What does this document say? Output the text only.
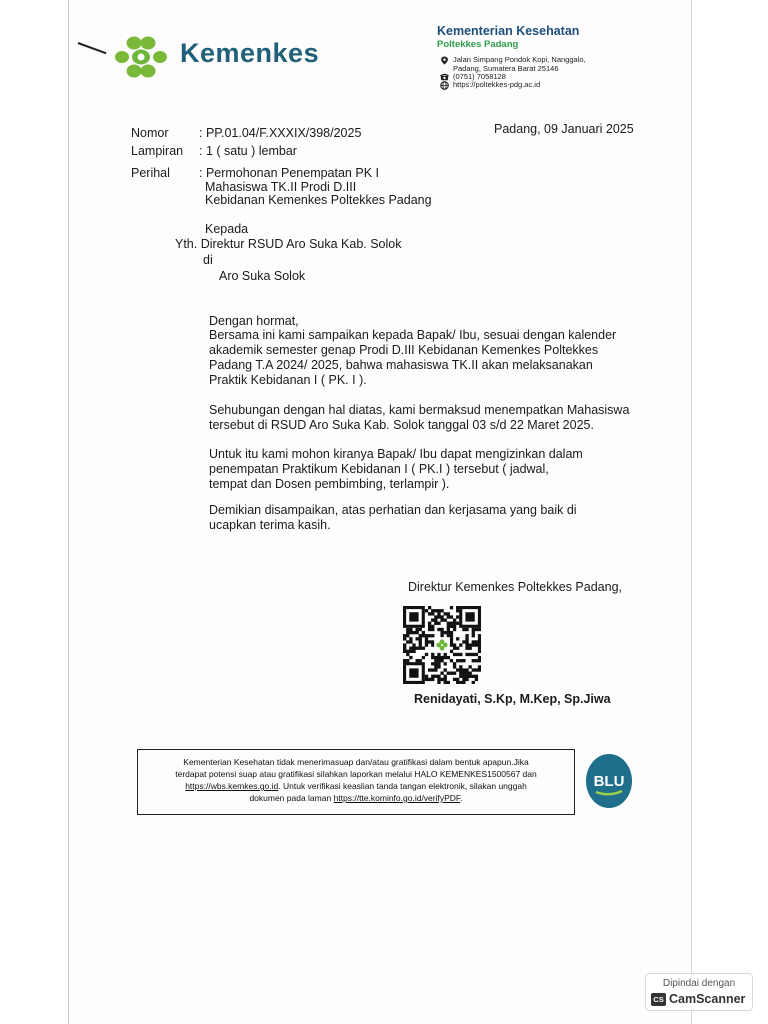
Kemenkes
Kementerian Kesehatan
Poltekkes Padang
Jalan Simpang Pondok Kopi, Nanggalo,
Padang, Sumatera Barat 25146
(0751) 7058128
https://poltekkes-pdg.ac.id
Nomor : PP.01.04/F.XXXIX/398/2025	Padang, 09 Januari 2025
Lampiran : 1 ( satu ) lembar
Perihal : Permohonan Penempatan PK I
Mahasiswa TK.II Prodi D.III
Kebidanan Kemenkes Poltekkes Padang
Kepada
Yth. Direktur RSUD Aro Suka Kab. Solok
di
Aro Suka Solok
Dengan hormat,
Bersama ini kami sampaikan kepada Bapak/ Ibu, sesuai dengan kalender
akademik semester genap Prodi D.III Kebidanan Kemenkes Poltekkes
Padang T.A 2024/ 2025, bahwa mahasiswa TK.II akan melaksanakan
Praktik Kebidanan I ( PK. I ).
Sehubungan dengan hal diatas, kami bermaksud menempatkan Mahasiswa
tersebut di RSUD Aro Suka Kab. Solok tanggal 03 s/d 22 Maret 2025.
Untuk itu kami mohon kiranya Bapak/ Ibu dapat mengizinkan dalam
penempatan Praktikum Kebidanan I ( PK.I ) tersebut ( jadwal,
tempat dan Dosen pembimbing, terlampir ).
Demikian disampaikan, atas perhatian dan kerjasama yang baik di
ucapkan terima kasih.
Direktur Kemenkes Poltekkes Padang,
Renidayati, S.Kp, M.Kep, Sp.Jiwa
Kementerian Kesehatan tidak menerimasuap dan/atau gratifikasi dalam bentuk apapun.Jika
terdapat potensi suap atau gratifikasi silahkan laporkan melalui HALO KEMENKES1500567 dan
https://wbs.kemkes.go.id. Untuk verifikasi keaslian tanda tangan elektronik, silakan unggah
dokumen pada laman https://tte.kominfo.go.id/verifyPDF.
BLU
Dipindai dengan
CS CamScanner
